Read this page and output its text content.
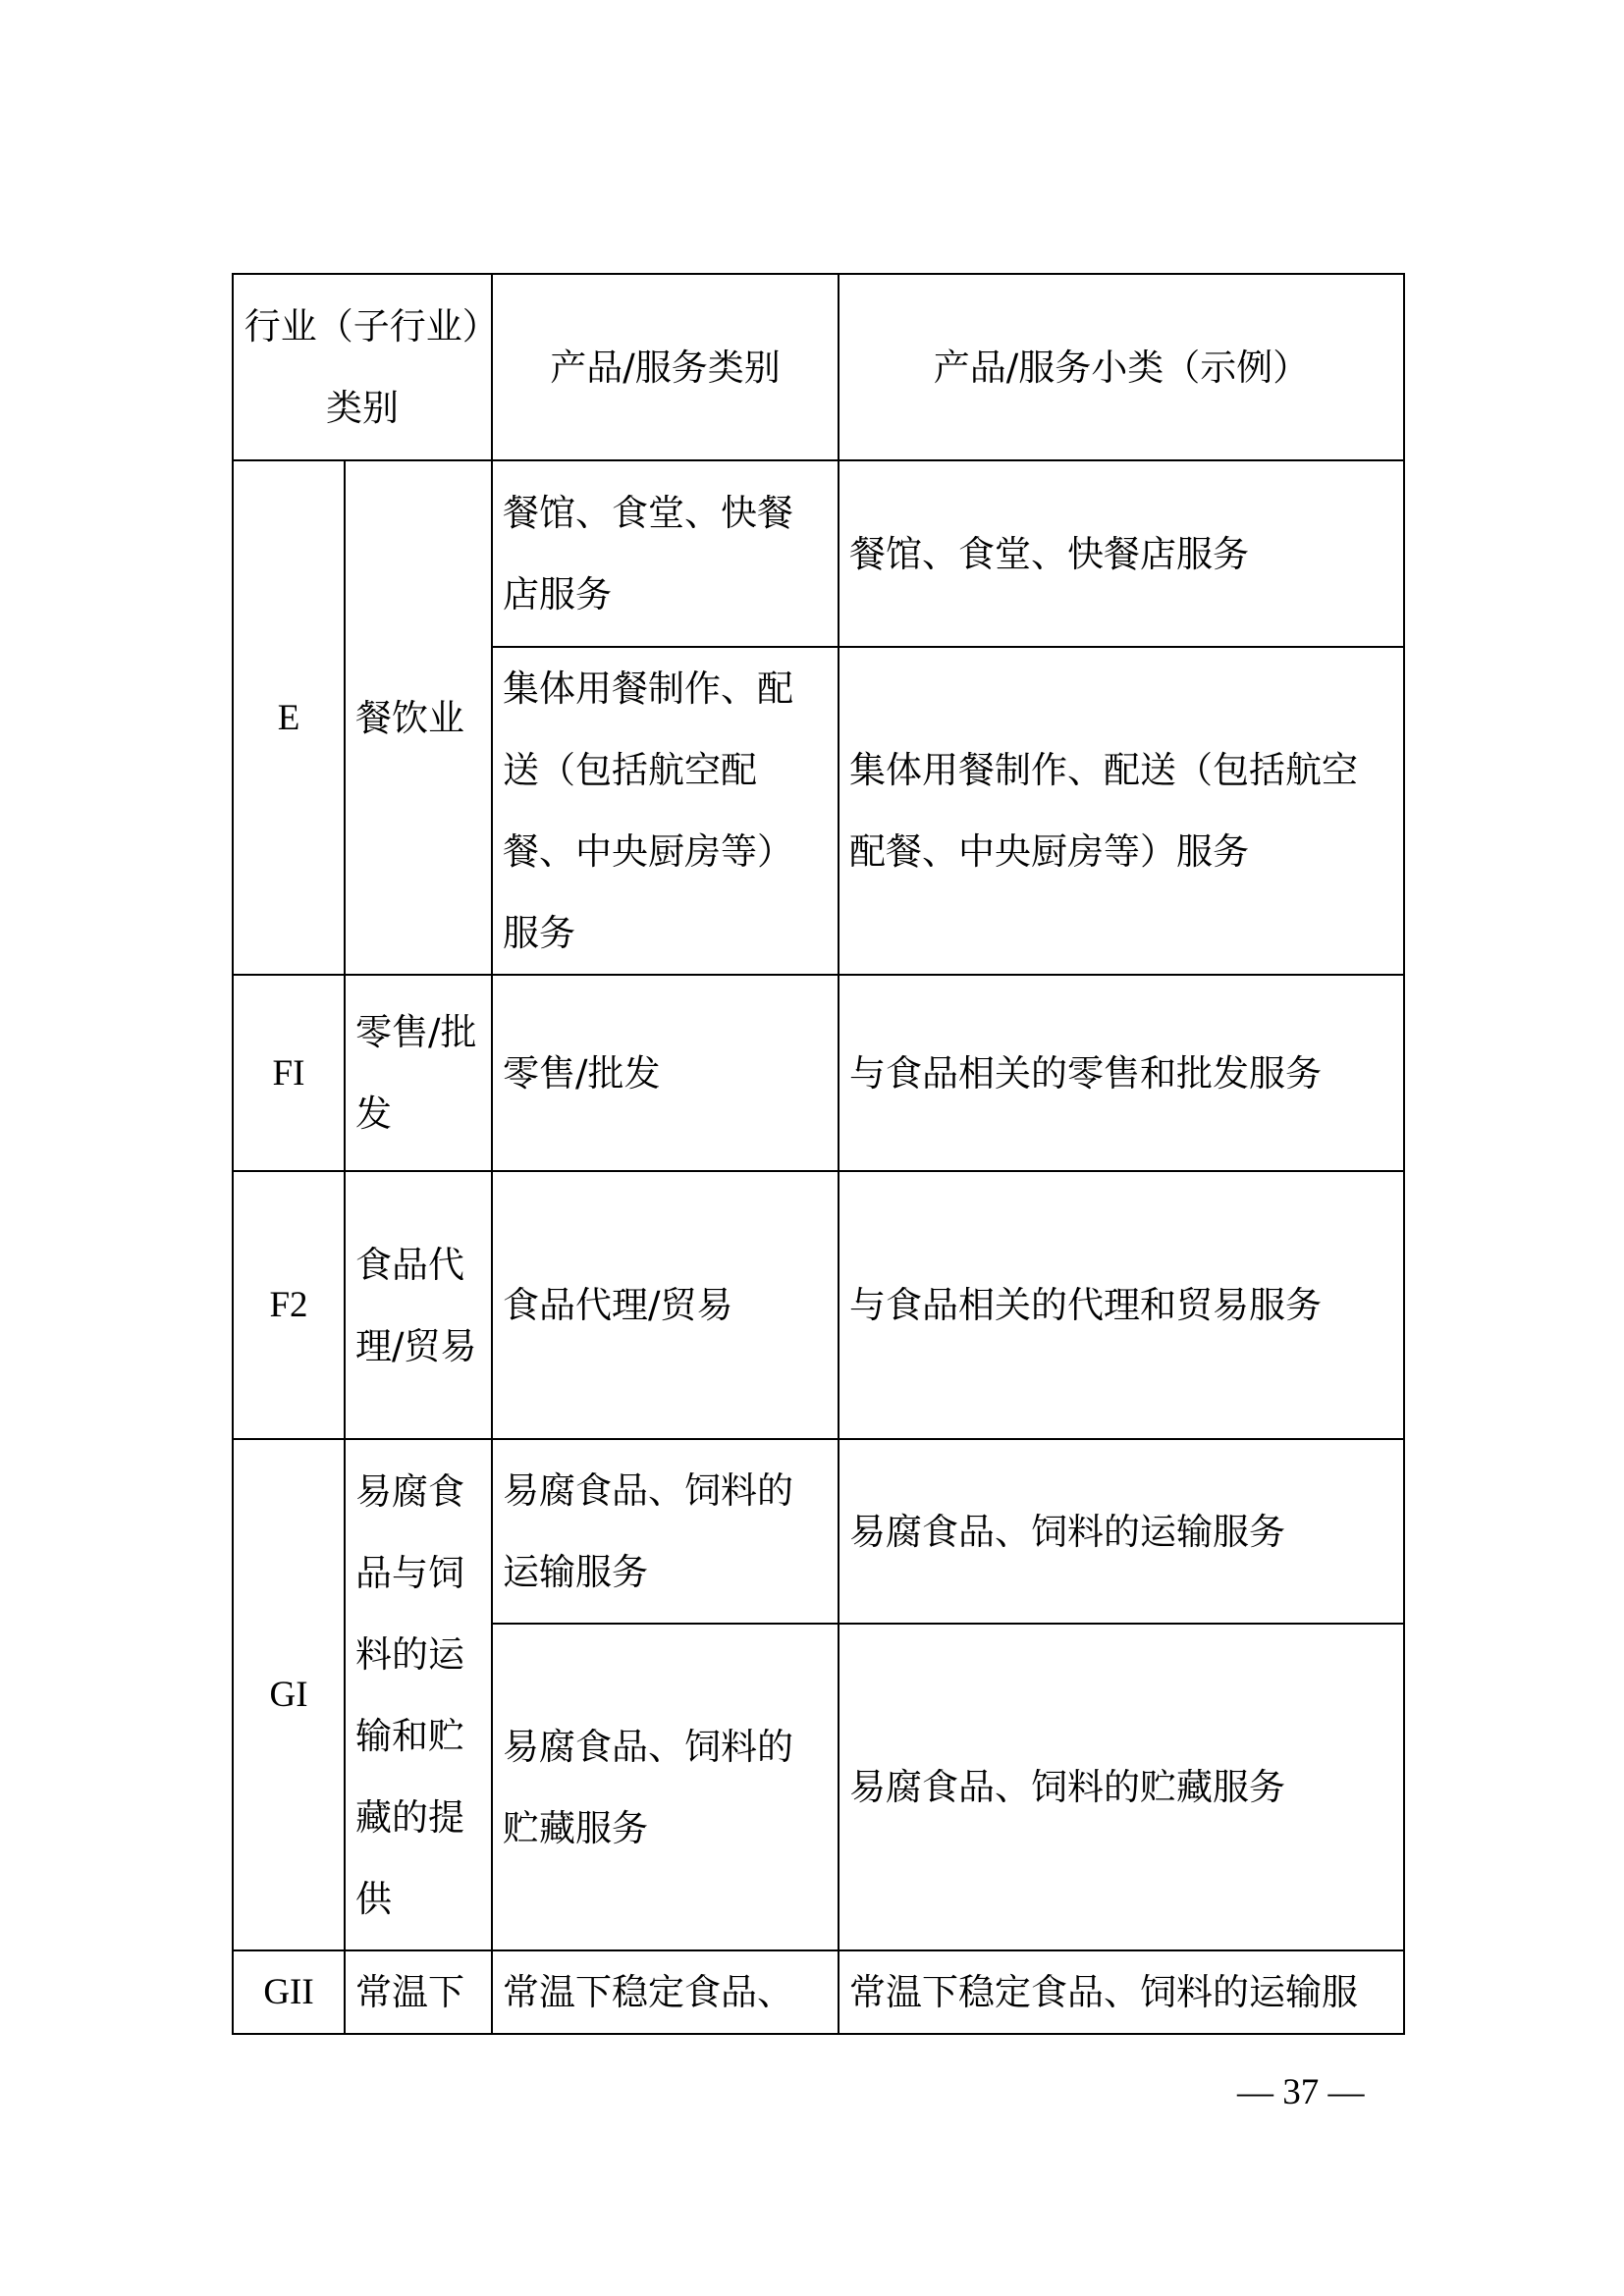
行业（子行业）类别		产品/服务类别	产品/服务小类（示例）
E	餐饮业	餐馆、食堂、快餐店服务	餐馆、食堂、快餐店服务
		集体用餐制作、配送（包括航空配餐、中央厨房等）服务	集体用餐制作、配送（包括航空配餐、中央厨房等）服务
FI	零售/批发	零售/批发	与食品相关的零售和批发服务
F2	食品代理/贸易	食品代理/贸易	与食品相关的代理和贸易服务
GI	易腐食品与饲料的运输和贮藏的提供	易腐食品、饲料的运输服务	易腐食品、饲料的运输服务
		易腐食品、饲料的贮藏服务	易腐食品、饲料的贮藏服务
GII	常温下	常温下稳定食品、	常温下稳定食品、饲料的运输服
— 37 —
